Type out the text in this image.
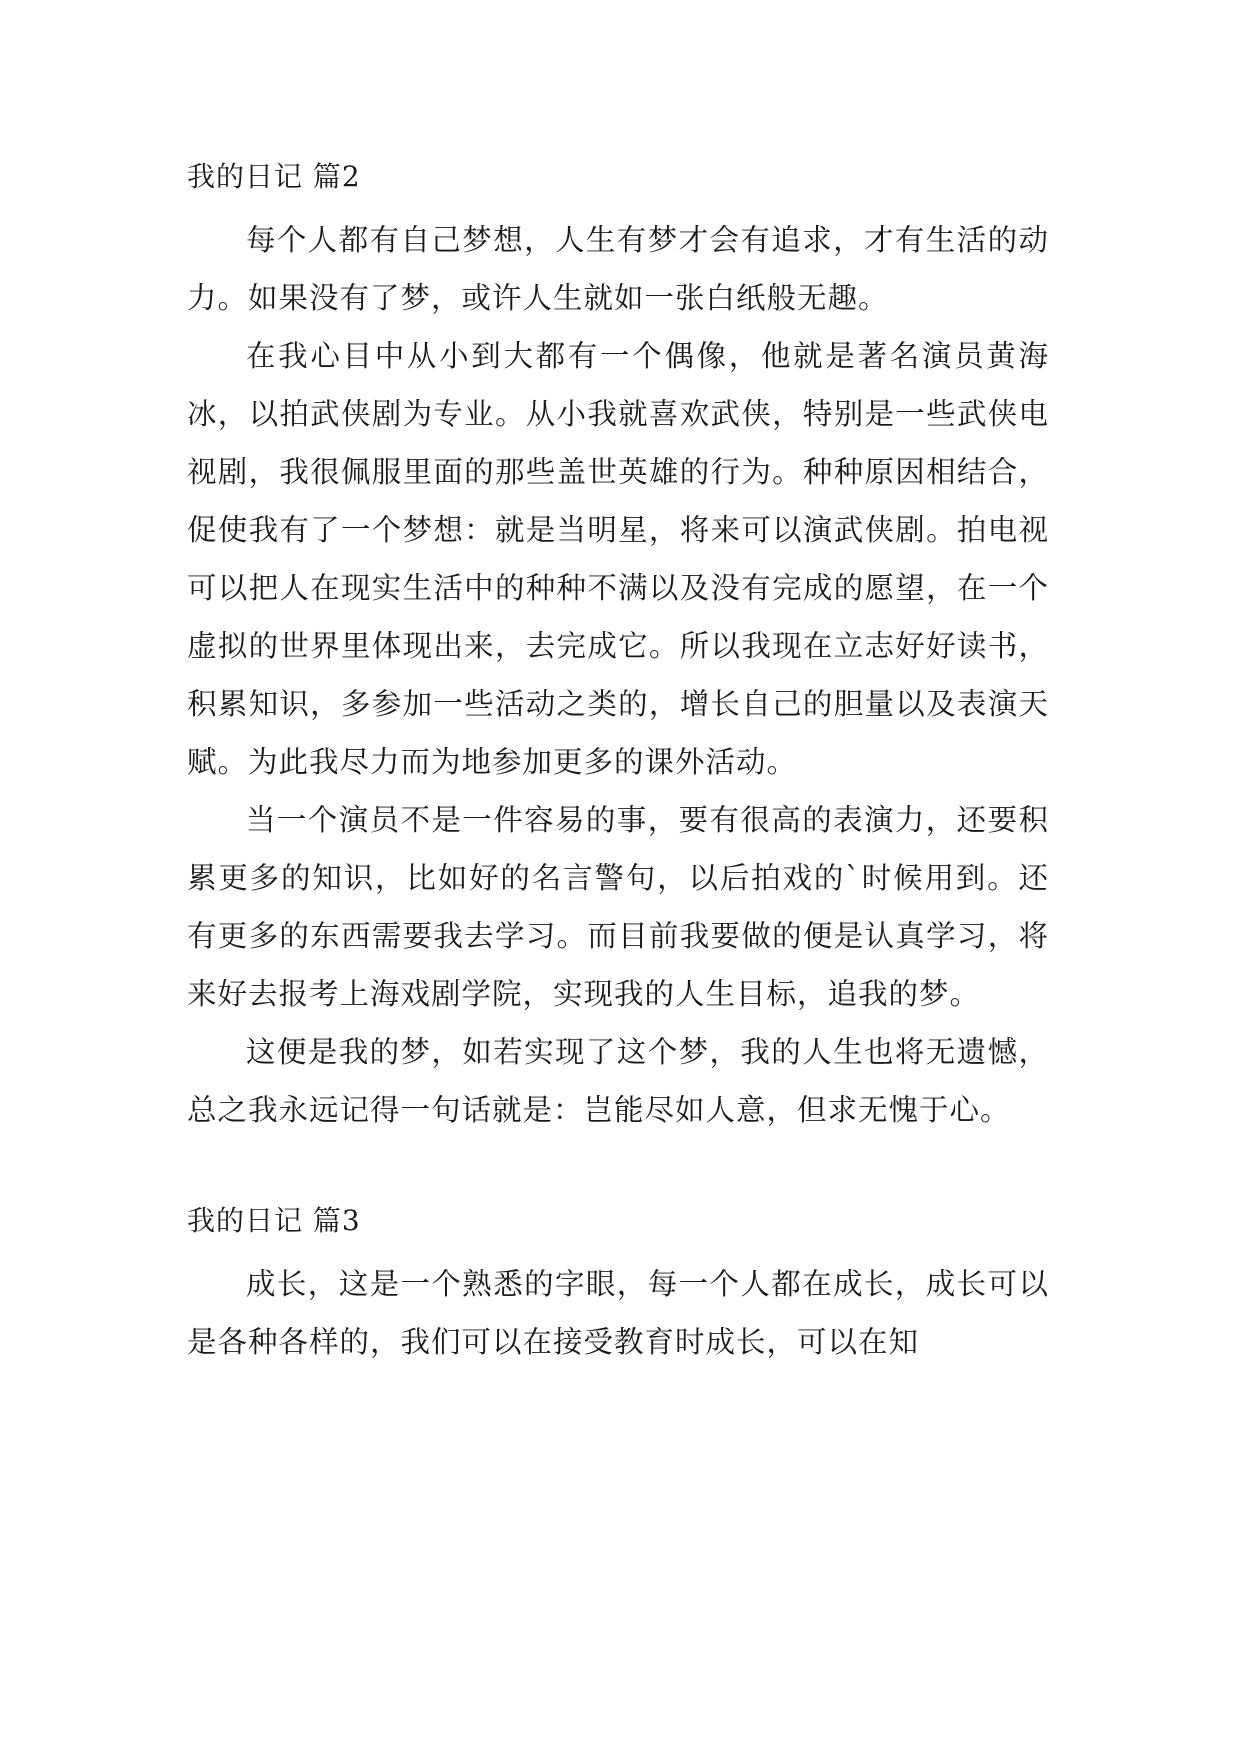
我的日记 篇2

每个人都有自己梦想，人生有梦才会有追求，才有生活的动力。如果没有了梦，或许人生就如一张白纸般无趣。

在我心目中从小到大都有一个偶像，他就是著名演员黄海冰，以拍武侠剧为专业。从小我就喜欢武侠，特别是一些武侠电视剧，我很佩服里面的那些盖世英雄的行为。种种原因相结合，促使我有了一个梦想：就是当明星，将来可以演武侠剧。拍电视可以把人在现实生活中的种种不满以及没有完成的愿望，在一个虚拟的世界里体现出来，去完成它。所以我现在立志好好读书，积累知识，多参加一些活动之类的，增长自己的胆量以及表演天赋。为此我尽力而为地参加更多的课外活动。

当一个演员不是一件容易的事，要有很高的表演力，还要积累更多的知识，比如好的名言警句，以后拍戏的`时候用到。还有更多的东西需要我去学习。而目前我要做的便是认真学习，将来好去报考上海戏剧学院，实现我的人生目标，追我的梦。

这便是我的梦，如若实现了这个梦，我的人生也将无遗憾，总之我永远记得一句话就是：岂能尽如人意，但求无愧于心。

我的日记 篇3

成长，这是一个熟悉的字眼，每一个人都在成长，成长可以是各种各样的，我们可以在接受教育时成长，可以在知
